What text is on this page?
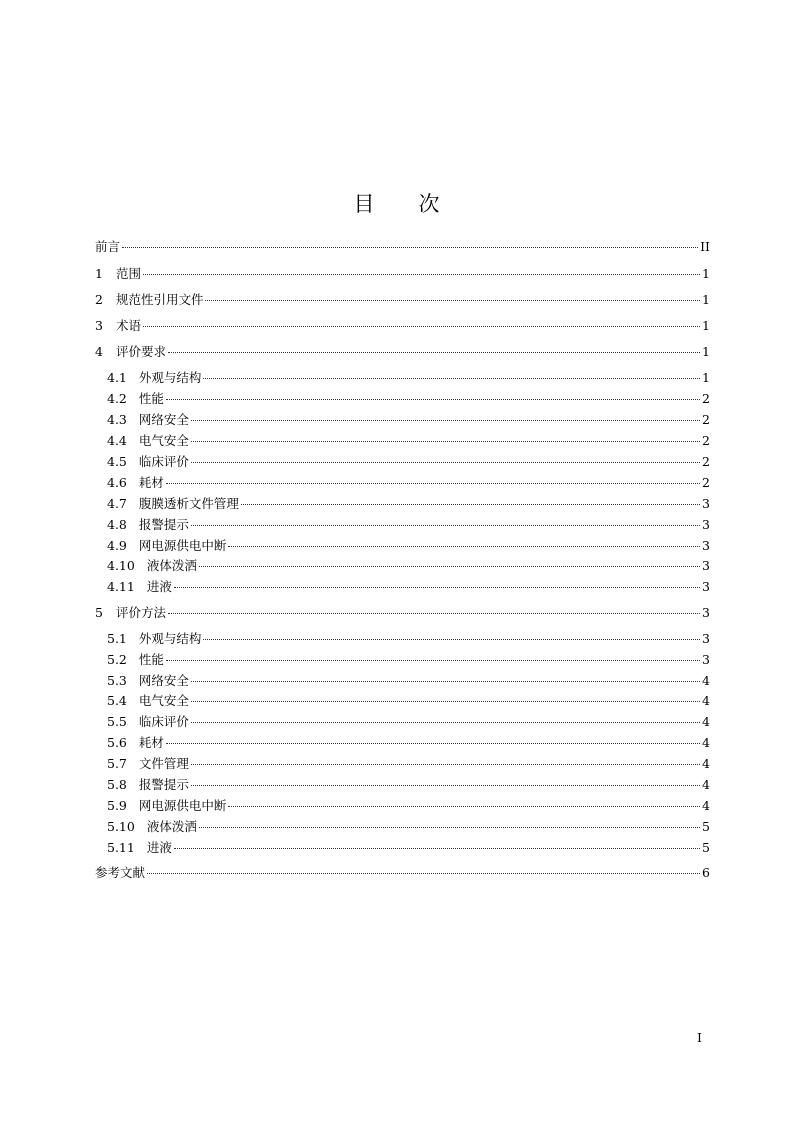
目 次
前言	II
1 范围	1
2 规范性引用文件	1
3 术语	1
4 评价要求	1
4.1 外观与结构	1
4.2 性能	2
4.3 网络安全	2
4.4 电气安全	2
4.5 临床评价	2
4.6 耗材	2
4.7 腹膜透析文件管理	3
4.8 报警提示	3
4.9 网电源供电中断	3
4.10 液体泼洒	3
4.11 进液	3
5 评价方法	3
5.1 外观与结构	3
5.2 性能	3
5.3 网络安全	4
5.4 电气安全	4
5.5 临床评价	4
5.6 耗材	4
5.7 文件管理	4
5.8 报警提示	4
5.9 网电源供电中断	4
5.10 液体泼洒	5
5.11 进液	5
参考文献	6
I
